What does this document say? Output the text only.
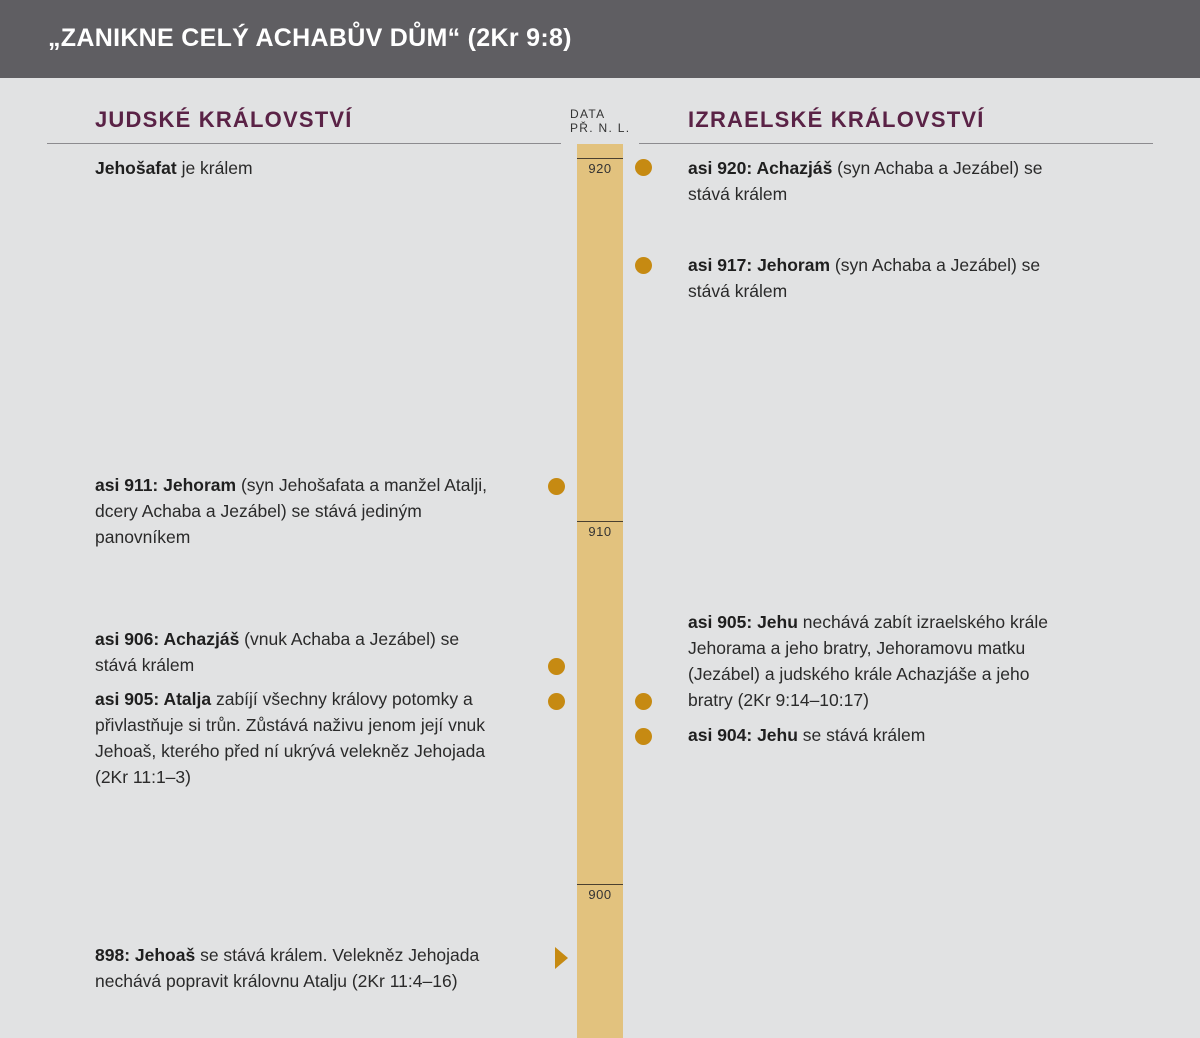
„ZANIKNE CELÝ ACHABŮV DŮM“ (2Kr 9:8)
JUDSKÉ KRÁLOVSTVÍ	DATA
PŘ. N. L.	IZRAELSKÉ KRÁLOVSTVÍ
920
910
900
Jehošafat je králem
asi 911: Jehoram (syn Jehošafata a manžel Atalji, dcery Achaba a Jezábel) se stává jediným panovníkem
asi 906: Achazjáš (vnuk Achaba a Jezábel) se stává králem
asi 905: Atalja zabíjí všechny královy potomky a přivlastňuje si trůn. Zůstává naživu jenom její vnuk Jehoaš, kterého před ní ukrývá velekněz Jehojada (2Kr 11:1–3)
898: Jehoaš se stává králem. Velekněz Jehojada nechává popravit královnu Atalju (2Kr 11:4–16)
asi 920: Achazjáš (syn Achaba a Jezábel) se stává králem
asi 917: Jehoram (syn Achaba a Jezábel) se stává králem
asi 905: Jehu nechává zabít izraelského krále Jehorama a jeho bratry, Jehoramovu matku (Jezábel) a judského krále Achazjáše a jeho bratry (2Kr 9:14–10:17)
asi 904: Jehu se stává králem
